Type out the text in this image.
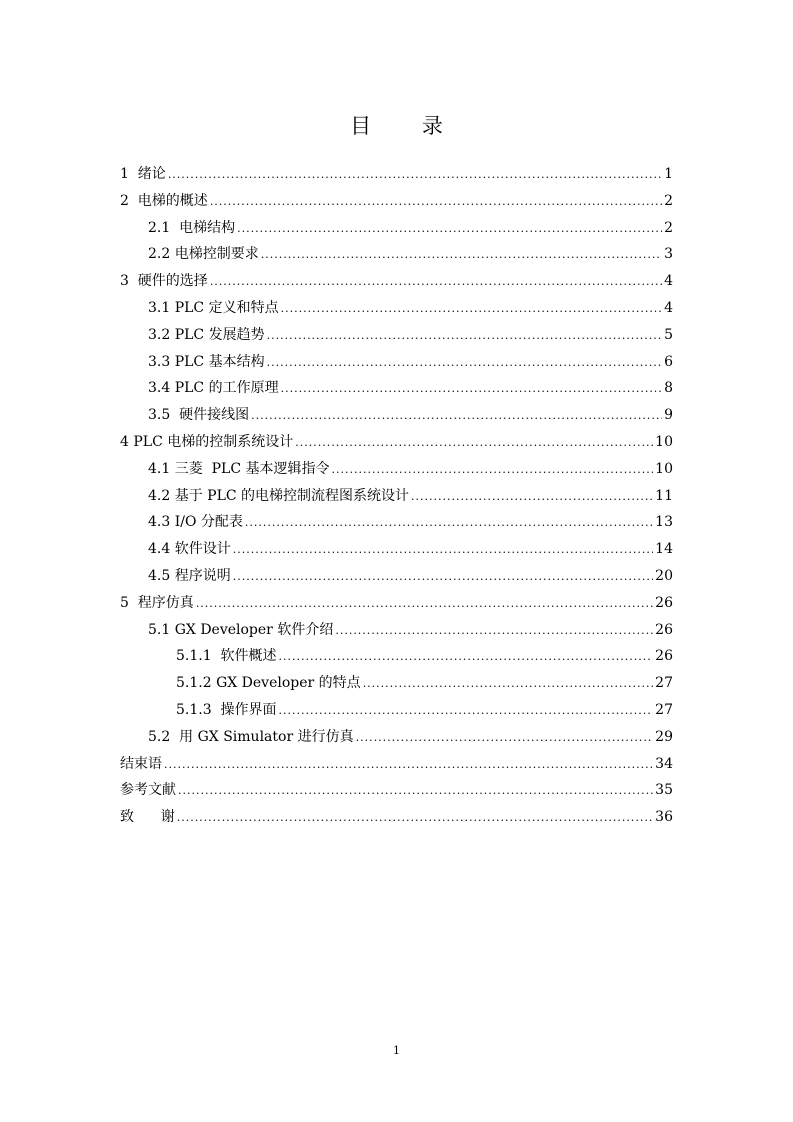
目 录
1  绪论 .....	1
2  电梯的概述 .....	2
2.1  电梯结构 .....	2
2.2 电梯控制要求 .....	3
3  硬件的选择 .....	4
3.1 PLC 定义和特点 .....	4
3.2 PLC 发展趋势 .....	5
3.3 PLC 基本结构 .....	6
3.4 PLC 的工作原理 .....	8
3.5  硬件接线图 .....	9
4 PLC 电梯的控制系统设计 .....	10
4.1 三菱  PLC 基本逻辑指令 .....	10
4.2 基于 PLC 的电梯控制流程图系统设计 .....	11
4.3 I/O 分配表 .....	13
4.4 软件设计 .....	14
4.5 程序说明 .....	20
5  程序仿真 .....	26
5.1 GX Developer 软件介绍 .....	26
5.1.1  软件概述 .....	26
5.1.2 GX Developer 的特点 .....	27
5.1.3  操作界面 .....	27
5.2  用 GX Simulator 进行仿真 .....	29
结束语 .....	34
参考文献 .....	35
致      谢 .....	36
1
